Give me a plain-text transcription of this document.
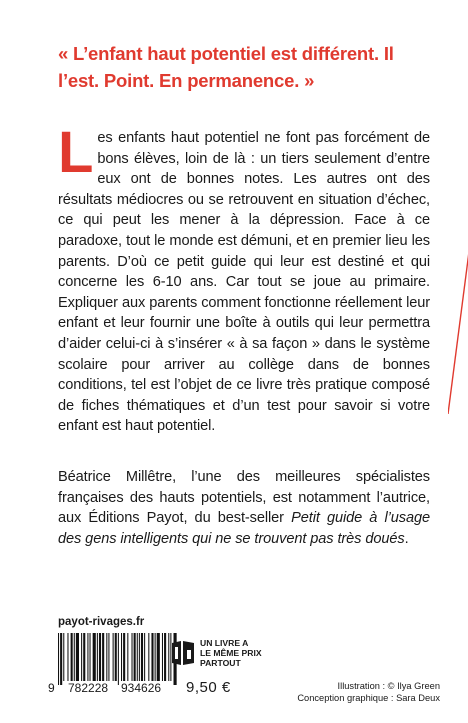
« L’enfant haut potentiel est différent. Il l’est. Point. En permanence. »
Les enfants haut potentiel ne font pas forcément de bons élèves, loin de là : un tiers seulement d’entre eux ont de bonnes notes. Les autres ont des résultats médiocres ou se retrouvent en situation d’échec, ce qui peut les mener à la dépression. Face à ce paradoxe, tout le monde est démuni, et en premier lieu les parents. D’où ce petit guide qui leur est destiné et qui concerne les 6-10 ans. Car tout se joue au primaire. Expliquer aux parents comment fonctionne réellement leur enfant et leur fournir une boîte à outils qui leur permettra d’aider celui-ci à s’insérer « à sa façon » dans le système scolaire pour arriver au collège dans de bonnes conditions, tel est l’objet de ce livre très pratique composé de fiches thématiques et d’un test pour savoir si votre enfant est haut potentiel.
Béatrice Millêtre, l’une des meilleures spécialistes françaises des hauts potentiels, est notamment l’autrice, aux Éditions Payot, du best-seller Petit guide à l’usage des gens intelligents qui ne se trouvent pas très doués.
payot-rivages.fr
9 782228 934626 9,50 €
UN LIVRE A
LE MÊME PRIX
PARTOUT
Illustration : © Ilya Green
Conception graphique : Sara Deux
